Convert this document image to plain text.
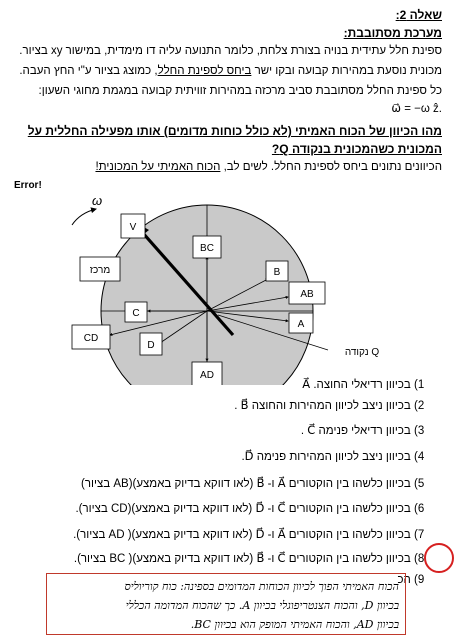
שאלה 2:
מערכת מסתובבת:
ספינת חלל עתידית בנויה בצורת צלחת, כלומר התנועה עליה דו מימדית, במישור xy בציור.
מכונית נוסעת במהירות קבועה ובקו ישר ביחס לספינת החלל, כמוצג בציור ע"י החץ העבה.
כל ספינת החלל מסתובבת סביב מרכזה במהירות זוויתית קבועה במגמת מחוגי השעון:
.ω⃗ = −ω ẑ
מהו הכיוון של הכוח האמיתי (לא כולל כוחות מדומים) אותו מפעילה החללית על
המכונית כשהמכונית בנקודה Q?
הכיוונים נתונים ביחס לספינת החלל. לשים לב, הכוח האמיתי על המכונית!
Error!
ω
V
BC
B
AB
מרכז
C
A
CD
D
AD
נקודה Q
1) בכיוון רדיאלי החוצה. A⃗
2) בכיוון ניצב לכיוון המהירות והחוצה B⃗ .
3) בכיוון רדיאלי פנימה C⃗ .
4) בכיוון ניצב לכיוון המהירות פנימה D⃗.
5) בכיוון כלשהו בין הוקטורים A⃗ ו- B⃗ (לאו דווקא בדיוק באמצע)(AB בציור)
6) בכיוון כלשהו בין הוקטורים C⃗ ו- D⃗ (לאו דווקא בדיוק באמצע)(CD בציור).
7) בכיוון כלשהו בין הוקטורים A⃗ ו- D⃗ (לאו דווקא בדיוק באמצע)( AD בציור).
8) בכיוון כלשהו בין הוקטורים C⃗ ו- B⃗ (לאו דווקא בדיוק באמצע)( BC בציור).
9) הכ
הכוח האמיתי הפוך לכיוון הכוחות המדומים בספינה: כוח קוריוליס
בכיוון D, והכוח הצנטריפוגלי בכיוון A. כך שהכוח המדומה הכללי
בכיוון AD, והכוח האמיתי המופק הוא בכיוון BC.
